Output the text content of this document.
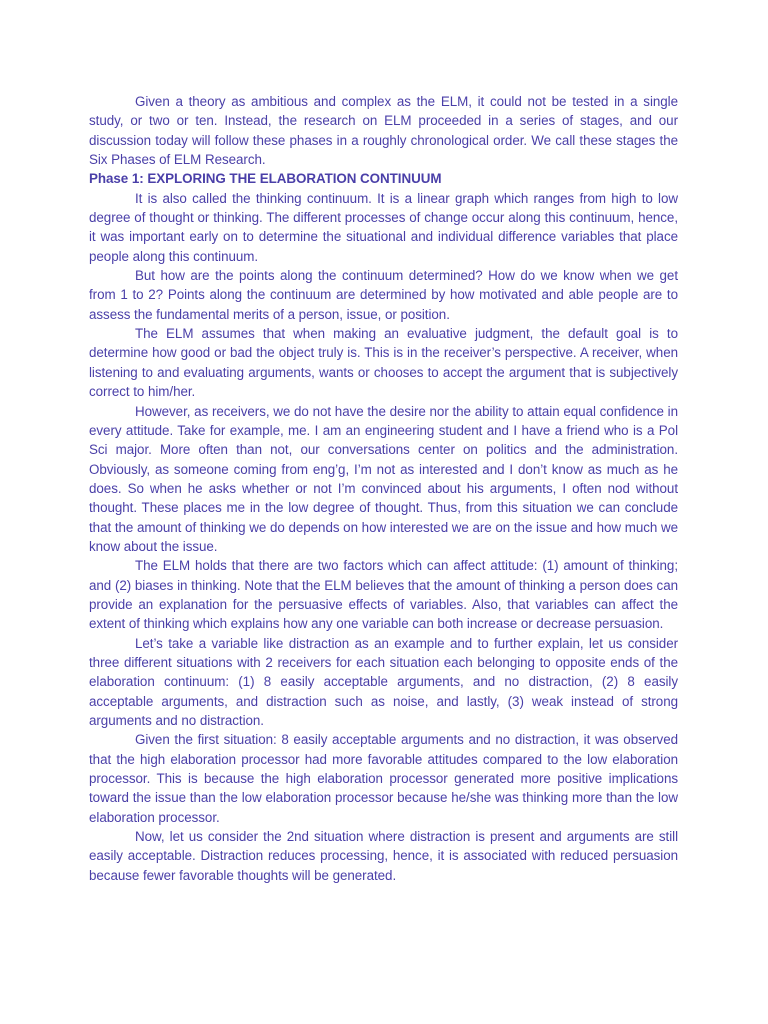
Given a theory as ambitious and complex as the ELM, it could not be tested in a single study, or two or ten. Instead, the research on ELM proceeded in a series of stages, and our discussion today will follow these phases in a roughly chronological order. We call these stages the Six Phases of ELM Research.

Phase 1: EXPLORING THE ELABORATION CONTINUUM

It is also called the thinking continuum. It is a linear graph which ranges from high to low degree of thought or thinking. The different processes of change occur along this continuum, hence, it was important early on to determine the situational and individual difference variables that place people along this continuum.

But how are the points along the continuum determined? How do we know when we get from 1 to 2? Points along the continuum are determined by how motivated and able people are to assess the fundamental merits of a person, issue, or position.

The ELM assumes that when making an evaluative judgment, the default goal is to determine how good or bad the object truly is. This is in the receiver’s perspective. A receiver, when listening to and evaluating arguments, wants or chooses to accept the argument that is subjectively correct to him/her.

However, as receivers, we do not have the desire nor the ability to attain equal confidence in every attitude. Take for example, me. I am an engineering student and I have a friend who is a Pol Sci major. More often than not, our conversations center on politics and the administration. Obviously, as someone coming from eng’g, I’m not as interested and I don’t know as much as he does. So when he asks whether or not I’m convinced about his arguments, I often nod without thought. These places me in the low degree of thought. Thus, from this situation we can conclude that the amount of thinking we do depends on how interested we are on the issue and how much we know about the issue.

The ELM holds that there are two factors which can affect attitude: (1) amount of thinking; and (2) biases in thinking. Note that the ELM believes that the amount of thinking a person does can provide an explanation for the persuasive effects of variables. Also, that variables can affect the extent of thinking which explains how any one variable can both increase or decrease persuasion.

Let’s take a variable like distraction as an example and to further explain, let us consider three different situations with 2 receivers for each situation each belonging to opposite ends of the elaboration continuum: (1) 8 easily acceptable arguments, and no distraction, (2) 8 easily acceptable arguments, and distraction such as noise, and lastly, (3) weak instead of strong arguments and no distraction.

Given the first situation: 8 easily acceptable arguments and no distraction, it was observed that the high elaboration processor had more favorable attitudes compared to the low elaboration processor. This is because the high elaboration processor generated more positive implications toward the issue than the low elaboration processor because he/she was thinking more than the low elaboration processor.

Now, let us consider the 2nd situation where distraction is present and arguments are still easily acceptable. Distraction reduces processing, hence, it is associated with reduced persuasion because fewer favorable thoughts will be generated.
